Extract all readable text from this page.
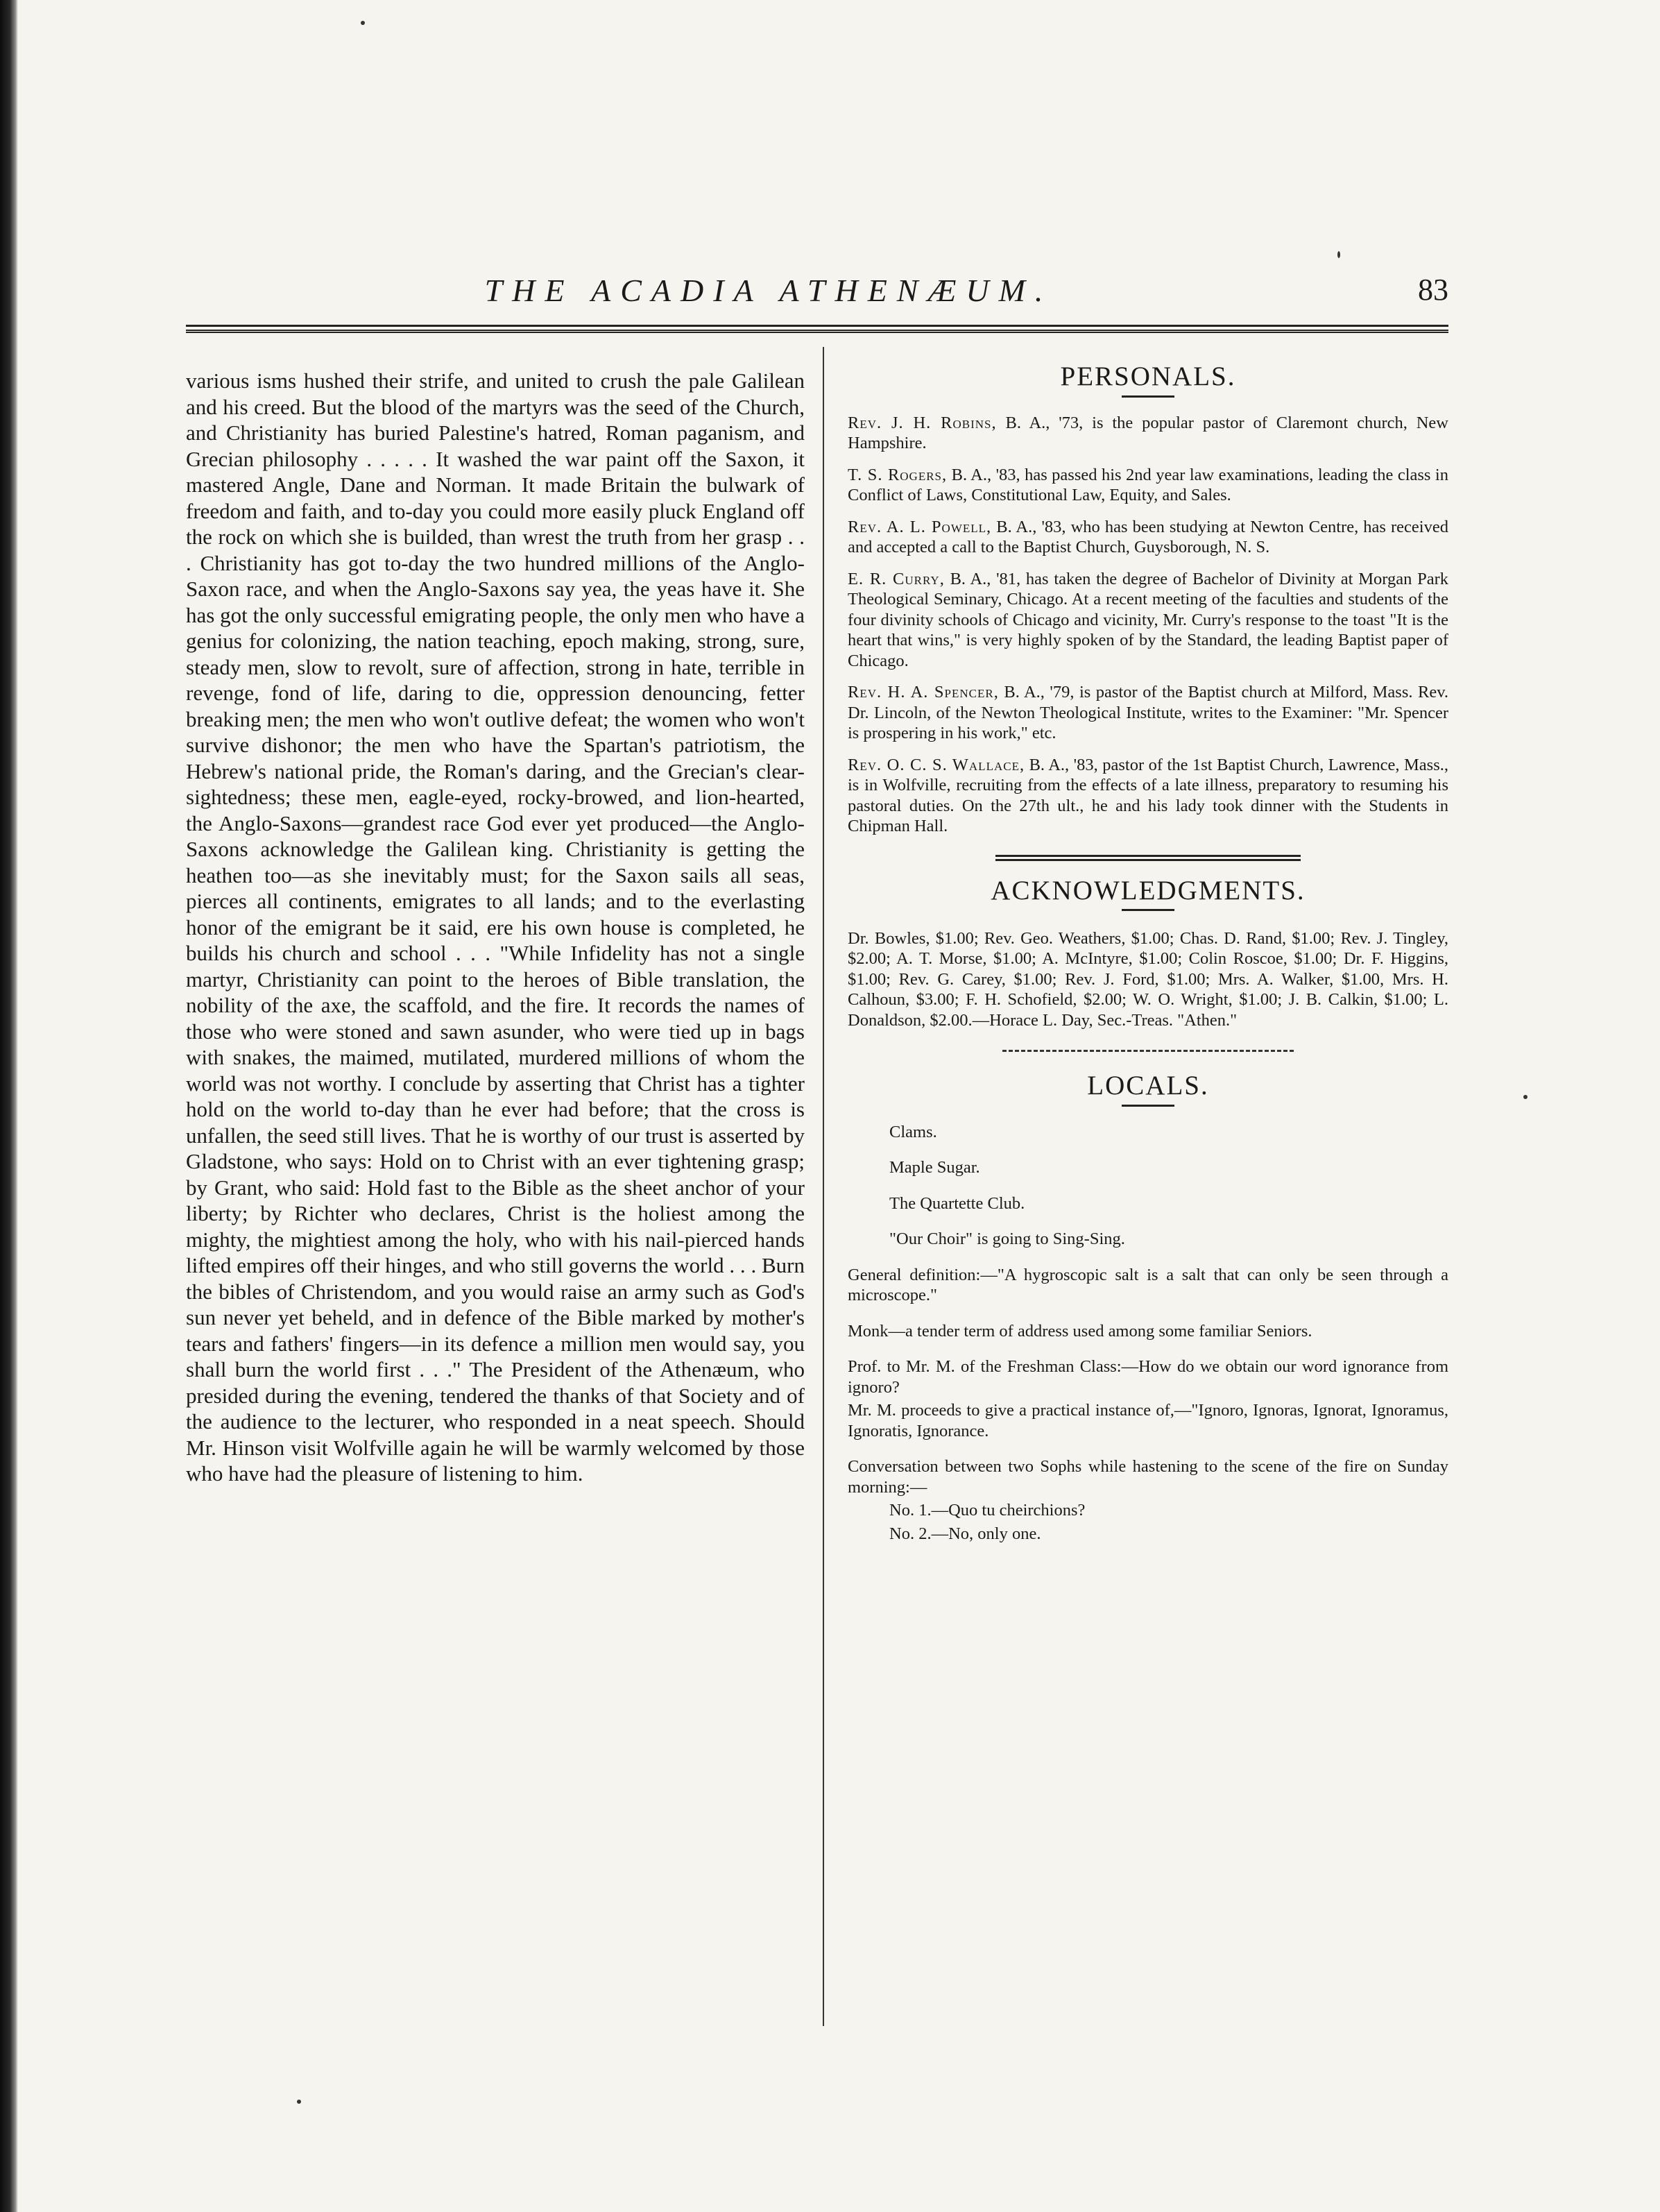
THE ACADIA ATHENÆUM.	83

various isms hushed their strife, and united to crush the pale Galilean and his creed. But the blood of the martyrs was the seed of the Church, and Christianity has buried Palestine's hatred, Roman paganism, and Grecian philosophy . . . . . It washed the war paint off the Saxon, it mastered Angle, Dane and Norman. It made Britain the bulwark of freedom and faith, and to-day you could more easily pluck England off the rock on which she is builded, than wrest the truth from her grasp . . . Christianity has got to-day the two hundred millions of the Anglo-Saxon race, and when the Anglo-Saxons say yea, the yeas have it. She has got the only successful emigrating people, the only men who have a genius for colonizing, the nation teaching, epoch making, strong, sure, steady men, slow to revolt, sure of affection, strong in hate, terrible in revenge, fond of life, daring to die, oppression denouncing, fetter breaking men; the men who won't outlive defeat; the women who won't survive dishonor; the men who have the Spartan's patriotism, the Hebrew's national pride, the Roman's daring, and the Grecian's clear-sightedness; these men, eagle-eyed, rocky-browed, and lion-hearted, the Anglo-Saxons—grandest race God ever yet produced—the Anglo-Saxons acknowledge the Galilean king. Christianity is getting the heathen too—as she inevitably must; for the Saxon sails all seas, pierces all continents, emigrates to all lands; and to the everlasting honor of the emigrant be it said, ere his own house is completed, he builds his church and school . . . "While Infidelity has not a single martyr, Christianity can point to the heroes of Bible translation, the nobility of the axe, the scaffold, and the fire. It records the names of those who were stoned and sawn asunder, who were tied up in bags with snakes, the maimed, mutilated, murdered millions of whom the world was not worthy. I conclude by asserting that Christ has a tighter hold on the world to-day than he ever had before; that the cross is unfallen, the seed still lives. That he is worthy of our trust is asserted by Gladstone, who says: Hold on to Christ with an ever tightening grasp; by Grant, who said: Hold fast to the Bible as the sheet anchor of your liberty; by Richter who declares, Christ is the holiest among the mighty, the mightiest among the holy, who with his nail-pierced hands lifted empires off their hinges, and who still governs the world . . . Burn the bibles of Christendom, and you would raise an army such as God's sun never yet beheld, and in defence of the Bible marked by mother's tears and fathers' fingers—in its defence a million men would say, you shall burn the world first . . ." The President of the Athenæum, who presided during the evening, tendered the thanks of that Society and of the audience to the lecturer, who responded in a neat speech. Should Mr. Hinson visit Wolfville again he will be warmly welcomed by those who have had the pleasure of listening to him.

PERSONALS.

Rev. J. H. Robins, B. A., '73, is the popular pastor of Claremont church, New Hampshire.

T. S. Rogers, B. A., '83, has passed his 2nd year law examinations, leading the class in Conflict of Laws, Constitutional Law, Equity, and Sales.

Rev. A. L. Powell, B. A., '83, who has been studying at Newton Centre, has received and accepted a call to the Baptist Church, Guysborough, N. S.

E. R. Curry, B. A., '81, has taken the degree of Bachelor of Divinity at Morgan Park Theological Seminary, Chicago. At a recent meeting of the faculties and students of the four divinity schools of Chicago and vicinity, Mr. Curry's response to the toast "It is the heart that wins," is very highly spoken of by the Standard, the leading Baptist paper of Chicago.

Rev. H. A. Spencer, B. A., '79, is pastor of the Baptist church at Milford, Mass. Rev. Dr. Lincoln, of the Newton Theological Institute, writes to the Examiner: "Mr. Spencer is prospering in his work," etc.

Rev. O. C. S. Wallace, B. A., '83, pastor of the 1st Baptist Church, Lawrence, Mass., is in Wolfville, recruiting from the effects of a late illness, preparatory to resuming his pastoral duties. On the 27th ult., he and his lady took dinner with the Students in Chipman Hall.

ACKNOWLEDGMENTS.

Dr. Bowles, $1.00; Rev. Geo. Weathers, $1.00; Chas. D. Rand, $1.00; Rev. J. Tingley, $2.00; A. T. Morse, $1.00; A. McIntyre, $1.00; Colin Roscoe, $1.00; Dr. F. Higgins, $1.00; Rev. G. Carey, $1.00; Rev. J. Ford, $1.00; Mrs. A. Walker, $1.00, Mrs. H. Calhoun, $3.00; F. H. Schofield, $2.00; W. O. Wright, $1.00; J. B. Calkin, $1.00; L. Donaldson, $2.00.—Horace L. Day, Sec.-Treas. "Athen."

LOCALS.

Clams.

Maple Sugar.

The Quartette Club.

"Our Choir" is going to Sing-Sing.

General definition:—"A hygroscopic salt is a salt that can only be seen through a microscope."

Monk—a tender term of address used among some familiar Seniors.

Prof. to Mr. M. of the Freshman Class:—How do we obtain our word ignorance from ignoro?

Mr. M. proceeds to give a practical instance of,—"Ignoro, Ignoras, Ignorat, Ignoramus, Ignoratis, Ignorance.

Conversation between two Sophs while hastening to the scene of the fire on Sunday morning:—

No. 1.—Quo tu cheirchions?

No. 2.—No, only one.
